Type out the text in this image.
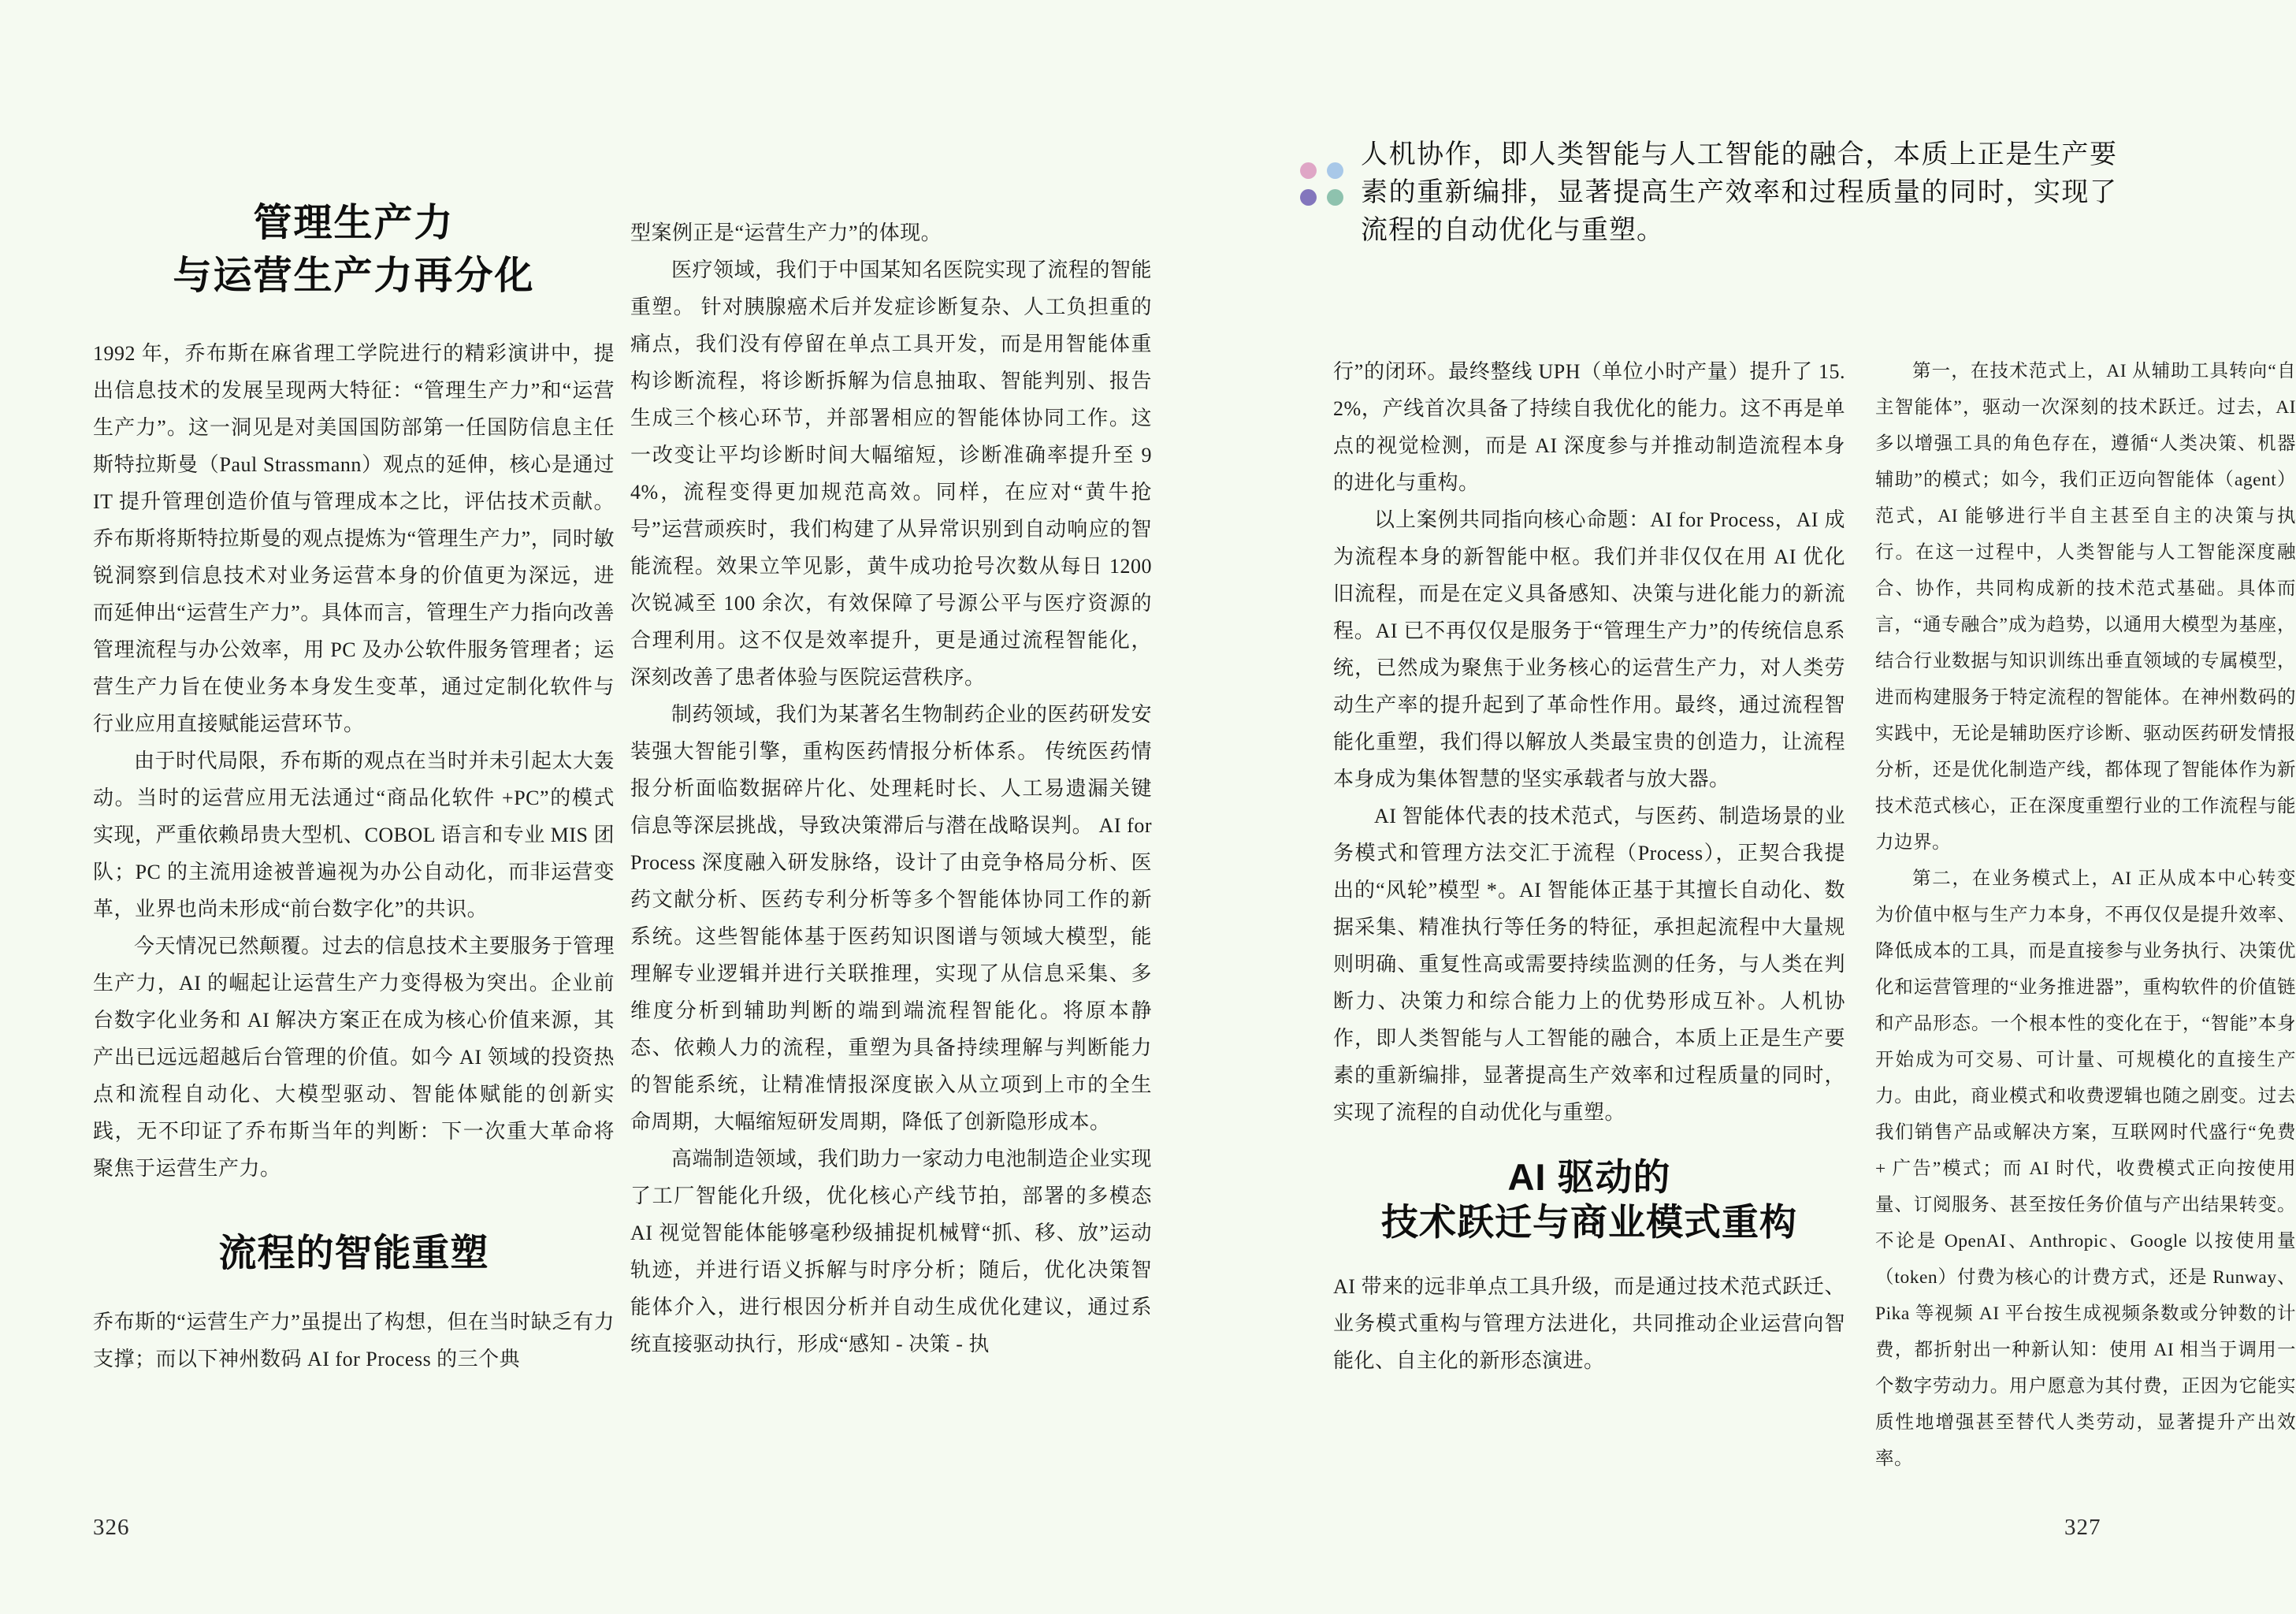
管理生产力
与运营生产力再分化

1992 年，乔布斯在麻省理工学院进行的精彩演讲中，提出信息技术的发展呈现两大特征：“管理生产力”和“运营生产力”。这一洞见是对美国国防部第一任国防信息主任斯特拉斯曼（Paul Strassmann）观点的延伸，核心是通过 IT 提升管理创造价值与管理成本之比，评估技术贡献。乔布斯将斯特拉斯曼的观点提炼为“管理生产力”，同时敏锐洞察到信息技术对业务运营本身的价值更为深远，进而延伸出“运营生产力”。具体而言，管理生产力指向改善管理流程与办公效率，用 PC 及办公软件服务管理者；运营生产力旨在使业务本身发生变革，通过定制化软件与行业应用直接赋能运营环节。

由于时代局限，乔布斯的观点在当时并未引起太大轰动。当时的运营应用无法通过“商品化软件 +PC”的模式实现，严重依赖昂贵大型机、COBOL 语言和专业 MIS 团队；PC 的主流用途被普遍视为办公自动化，而非运营变革，业界也尚未形成“前台数字化”的共识。

今天情况已然颠覆。过去的信息技术主要服务于管理生产力，AI 的崛起让运营生产力变得极为突出。企业前台数字化业务和 AI 解决方案正在成为核心价值来源，其产出已远远超越后台管理的价值。如今 AI 领域的投资热点和流程自动化、大模型驱动、智能体赋能的创新实践，无不印证了乔布斯当年的判断：下一次重大革命将聚焦于运营生产力。

流程的智能重塑

乔布斯的“运营生产力”虽提出了构想，但在当时缺乏有力支撑；而以下神州数码 AI for Process 的三个典

型案例正是“运营生产力”的体现。

医疗领域，我们于中国某知名医院实现了流程的智能重塑。 针对胰腺癌术后并发症诊断复杂、人工负担重的痛点，我们没有停留在单点工具开发，而是用智能体重构诊断流程，将诊断拆解为信息抽取、智能判别、报告生成三个核心环节，并部署相应的智能体协同工作。这一改变让平均诊断时间大幅缩短，诊断准确率提升至 94%，流程变得更加规范高效。同样，在应对“黄牛抢号”运营顽疾时，我们构建了从异常识别到自动响应的智能流程。效果立竿见影，黄牛成功抢号次数从每日 1200 次锐减至 100 余次，有效保障了号源公平与医疗资源的合理利用。这不仅是效率提升，更是通过流程智能化，深刻改善了患者体验与医院运营秩序。

制药领域，我们为某著名生物制药企业的医药研发安装强大智能引擎，重构医药情报分析体系。 传统医药情报分析面临数据碎片化、处理耗时长、人工易遗漏关键信息等深层挑战，导致决策滞后与潜在战略误判。 AI for Process 深度融入研发脉络，设计了由竞争格局分析、医药文献分析、医药专利分析等多个智能体协同工作的新系统。这些智能体基于医药知识图谱与领域大模型，能理解专业逻辑并进行关联推理，实现了从信息采集、多维度分析到辅助判断的端到端流程智能化。将原本静态、依赖人力的流程，重塑为具备持续理解与判断能力的智能系统，让精准情报深度嵌入从立项到上市的全生命周期，大幅缩短研发周期，降低了创新隐形成本。

高端制造领域，我们助力一家动力电池制造企业实现了工厂智能化升级，优化核心产线节拍，部署的多模态 AI 视觉智能体能够毫秒级捕捉机械臂“抓、移、放”运动轨迹，并进行语义拆解与时序分析；随后，优化决策智能体介入，进行根因分析并自动生成优化建议，通过系统直接驱动执行，形成“感知 - 决策 - 执

326
人机协作，即人类智能与人工智能的融合，本质上正是生产要素的重新编排，显著提高生产效率和过程质量的同时，实现了流程的自动优化与重塑。

行”的闭环。最终整线 UPH（单位小时产量）提升了 15.2%，产线首次具备了持续自我优化的能力。这不再是单点的视觉检测，而是 AI 深度参与并推动制造流程本身的进化与重构。

以上案例共同指向核心命题：AI for Process，AI 成为流程本身的新智能中枢。我们并非仅仅在用 AI 优化旧流程，而是在定义具备感知、决策与进化能力的新流程。AI 已不再仅仅是服务于“管理生产力”的传统信息系统，已然成为聚焦于业务核心的运营生产力，对人类劳动生产率的提升起到了革命性作用。最终，通过流程智能化重塑，我们得以解放人类最宝贵的创造力，让流程本身成为集体智慧的坚实承载者与放大器。

AI 智能体代表的技术范式，与医药、制造场景的业务模式和管理方法交汇于流程（Process），正契合我提出的“风轮”模型 *。AI 智能体正基于其擅长自动化、数据采集、精准执行等任务的特征，承担起流程中大量规则明确、重复性高或需要持续监测的任务，与人类在判断力、决策力和综合能力上的优势形成互补。人机协作，即人类智能与人工智能的融合，本质上正是生产要素的重新编排，显著提高生产效率和过程质量的同时，实现了流程的自动优化与重塑。

AI 驱动的
技术跃迁与商业模式重构

AI 带来的远非单点工具升级，而是通过技术范式跃迁、业务模式重构与管理方法进化，共同推动企业运营向智能化、自主化的新形态演进。

第一，在技术范式上，AI 从辅助工具转向“自主智能体”，驱动一次深刻的技术跃迁。过去，AI 多以增强工具的角色存在，遵循“人类决策、机器辅助”的模式；如今，我们正迈向智能体（agent）范式，AI 能够进行半自主甚至自主的决策与执行。在这一过程中，人类智能与人工智能深度融合、协作，共同构成新的技术范式基础。具体而言，“通专融合”成为趋势，以通用大模型为基座，结合行业数据与知识训练出垂直领域的专属模型，进而构建服务于特定流程的智能体。在神州数码的实践中，无论是辅助医疗诊断、驱动医药研发情报分析，还是优化制造产线，都体现了智能体作为新技术范式核心，正在深度重塑行业的工作流程与能力边界。

第二，在业务模式上，AI 正从成本中心转变为价值中枢与生产力本身，不再仅仅是提升效率、降低成本的工具，而是直接参与业务执行、决策优化和运营管理的“业务推进器”，重构软件的价值链和产品形态。一个根本性的变化在于，“智能”本身开始成为可交易、可计量、可规模化的直接生产力。由此，商业模式和收费逻辑也随之剧变。过去我们销售产品或解决方案，互联网时代盛行“免费 + 广告”模式；而 AI 时代，收费模式正向按使用量、订阅服务、甚至按任务价值与产出结果转变。不论是 OpenAI、Anthropic、Google 以按使用量（token）付费为核心的计费方式，还是 Runway、Pika 等视频 AI 平台按生成视频条数或分钟数的计费，都折射出一种新认知：使用 AI 相当于调用一个数字劳动力。用户愿意为其付费，正因为它能实质性地增强甚至替代人类劳动，显著提升产出效率。

327
